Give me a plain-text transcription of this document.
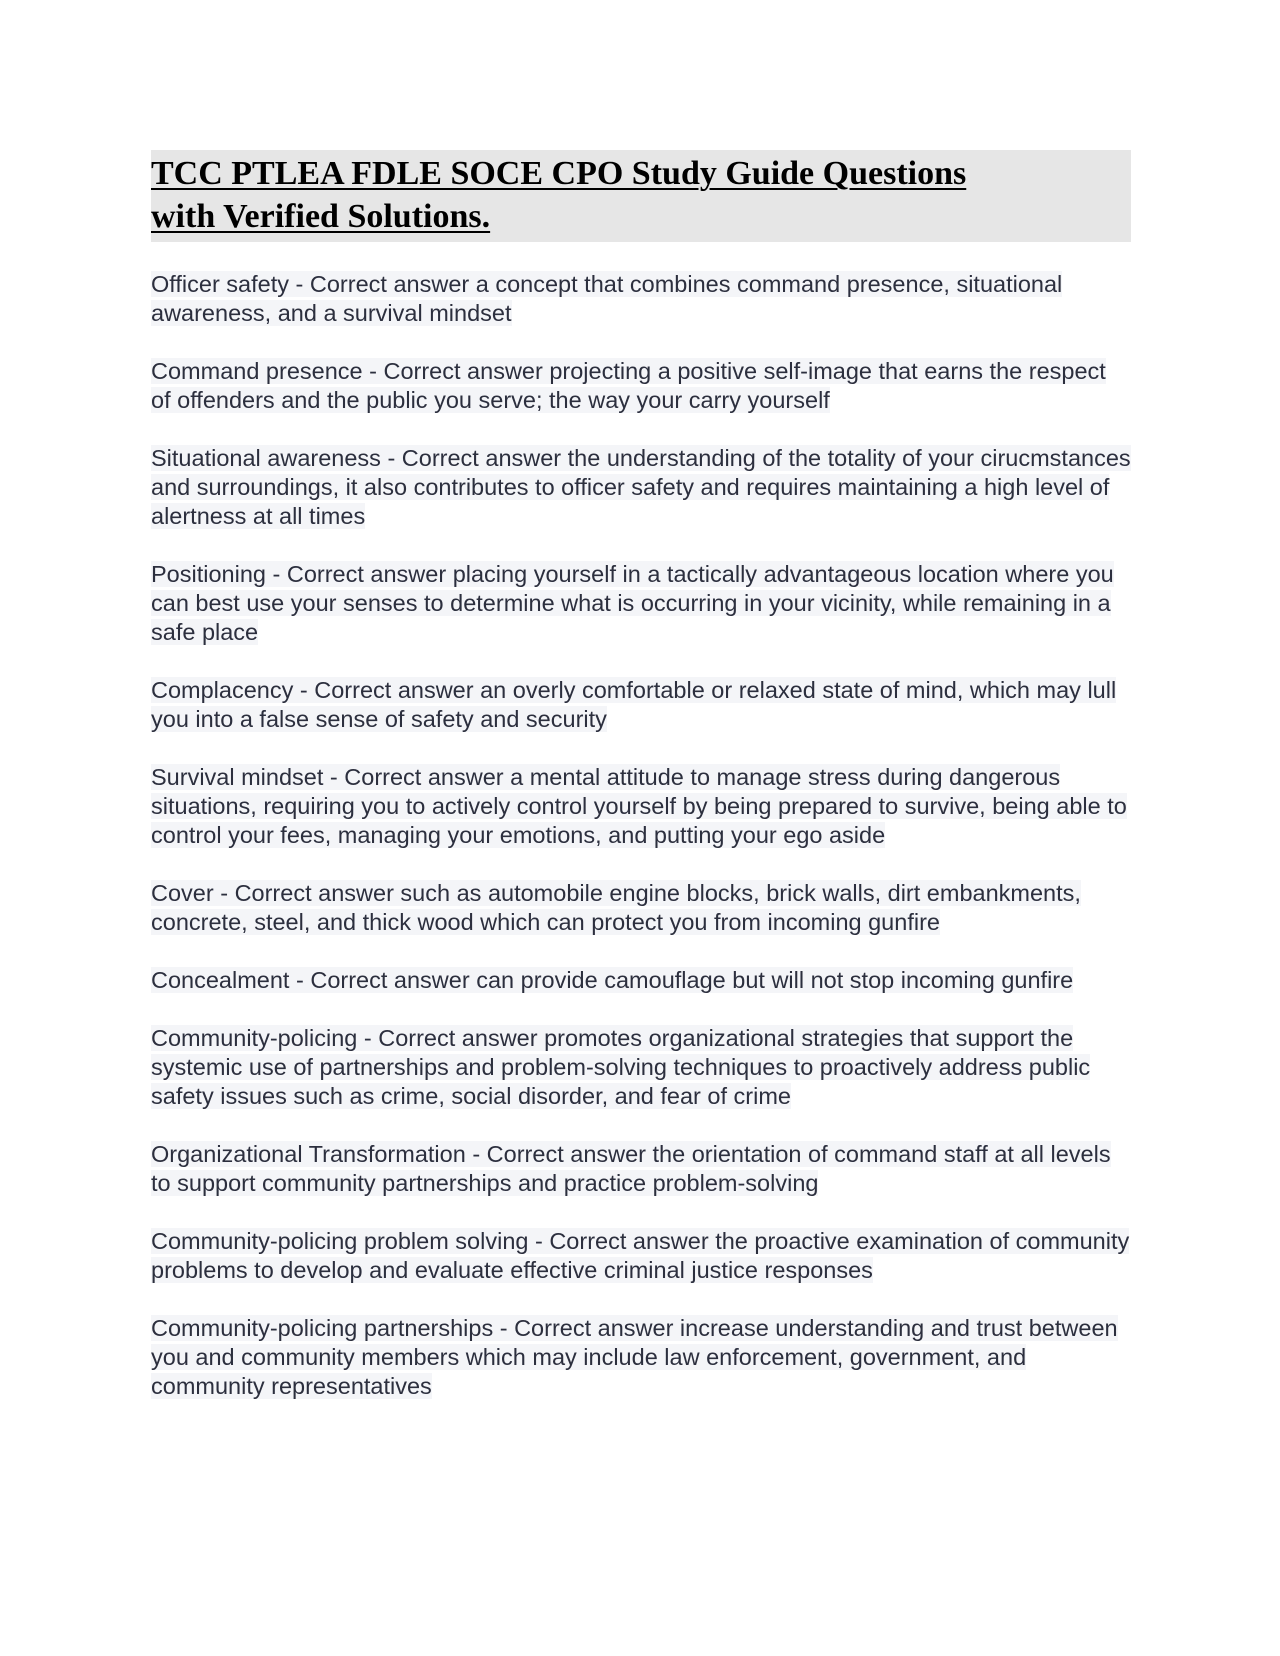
TCC PTLEA FDLE SOCE CPO Study Guide Questions
with Verified Solutions.

Officer safety - Correct answer a concept that combines command presence, situational awareness, and a survival mindset

Command presence - Correct answer projecting a positive self-image that earns the respect of offenders and the public you serve; the way your carry yourself

Situational awareness - Correct answer the understanding of the totality of your cirucmstances and surroundings, it also contributes to officer safety and requires maintaining a high level of alertness at all times

Positioning - Correct answer placing yourself in a tactically advantageous location where you can best use your senses to determine what is occurring in your vicinity, while remaining in a safe place

Complacency - Correct answer an overly comfortable or relaxed state of mind, which may lull you into a false sense of safety and security

Survival mindset - Correct answer a mental attitude to manage stress during dangerous situations, requiring you to actively control yourself by being prepared to survive, being able to control your fees, managing your emotions, and putting your ego aside

Cover - Correct answer such as automobile engine blocks, brick walls, dirt embankments, concrete, steel, and thick wood which can protect you from incoming gunfire

Concealment - Correct answer can provide camouflage but will not stop incoming gunfire

Community-policing - Correct answer promotes organizational strategies that support the systemic use of partnerships and problem-solving techniques to proactively address public safety issues such as crime, social disorder, and fear of crime

Organizational Transformation - Correct answer the orientation of command staff at all levels to support community partnerships and practice problem-solving

Community-policing problem solving - Correct answer the proactive examination of community problems to develop and evaluate effective criminal justice responses

Community-policing partnerships - Correct answer increase understanding and trust between you and community members which may include law enforcement, government, and community representatives
